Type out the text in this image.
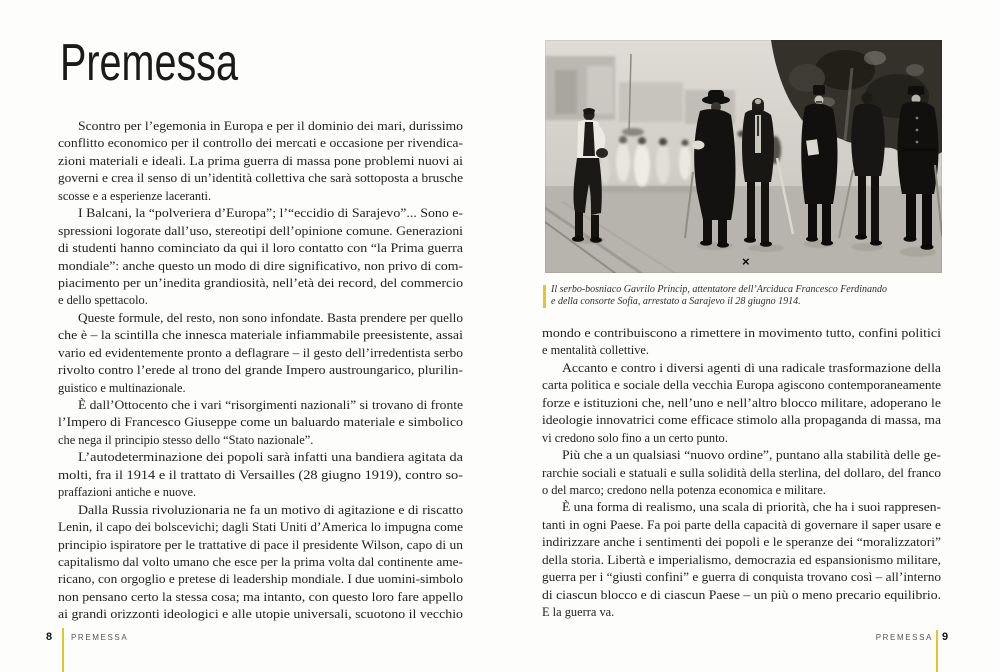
Premessa
Scontro per l’egemonia in Europa e per il dominio dei mari, durissimo
conflitto economico per il controllo dei mercati e occasione per rivendica-
zioni materiali e ideali. La prima guerra di massa pone problemi nuovi ai
governi e crea il senso di un’identità collettiva che sarà sottoposta a brusche
scosse e a esperienze laceranti.
I Balcani, la “polveriera d’Europa”; l’“eccidio di Sarajevo”... Sono e-
spressioni logorate dall’uso, stereotipi dell’opinione comune. Generazioni
di studenti hanno cominciato da qui il loro contatto con “la Prima guerra
mondiale”: anche questo un modo di dire significativo, non privo di com-
piacimento per un’inedita grandiosità, nell’età dei record, del commercio
e dello spettacolo.
Queste formule, del resto, non sono infondate. Basta prendere per quello
che è – la scintilla che innesca materiale infiammabile preesistente, assai
vario ed evidentemente pronto a deflagrare – il gesto dell’irredentista serbo
rivolto contro l’erede al trono del grande Impero austroungarico, plurilin-
guistico e multinazionale.
È dall’Ottocento che i vari “risorgimenti nazionali” si trovano di fronte
l’Impero di Francesco Giuseppe come un baluardo materiale e simbolico
che nega il principio stesso dello “Stato nazionale”.
L’autodeterminazione dei popoli sarà infatti una bandiera agitata da
molti, fra il 1914 e il trattato di Versailles (28 giugno 1919), contro so-
praffazioni antiche e nuove.
Dalla Russia rivoluzionaria ne fa un motivo di agitazione e di riscatto
Lenin, il capo dei bolscevichi; dagli Stati Uniti d’America lo impugna come
principio ispiratore per le trattative di pace il presidente Wilson, capo di un
capitalismo dal volto umano che esce per la prima volta dal continente ame-
ricano, con orgoglio e pretese di leadership mondiale. I due uomini-simbolo
non pensano certo la stessa cosa; ma intanto, con questo loro fare appello
ai grandi orizzonti ideologici e alle utopie universali, scuotono il vecchio
8 PREMESSA
×
Il serbo-bosniaco Gavrilo Princip, attentatore dell’Arciduca Francesco Ferdinando
e della consorte Sofia, arrestato a Sarajevo il 28 giugno 1914.
mondo e contribuiscono a rimettere in movimento tutto, confini politici
e mentalità collettive.
Accanto e contro i diversi agenti di una radicale trasformazione della
carta politica e sociale della vecchia Europa agiscono contemporaneamente
forze e istituzioni che, nell’uno e nell’altro blocco militare, adoperano le
ideologie innovatrici come efficace stimolo alla propaganda di massa, ma
vi credono solo fino a un certo punto.
Più che a un qualsiasi “nuovo ordine”, puntano alla stabilità delle ge-
rarchie sociali e statuali e sulla solidità della sterlina, del dollaro, del franco
o del marco; credono nella potenza economica e militare.
È una forma di realismo, una scala di priorità, che ha i suoi rappresen-
tanti in ogni Paese. Fa poi parte della capacità di governare il saper usare e
indirizzare anche i sentimenti dei popoli e le speranze dei “moralizzatori”
della storia. Libertà e imperialismo, democrazia ed espansionismo militare,
guerra per i “giusti confini” e guerra di conquista trovano così – all’interno
di ciascun blocco e di ciascun Paese – un più o meno precario equilibrio.
E la guerra va.
PREMESSA 9
